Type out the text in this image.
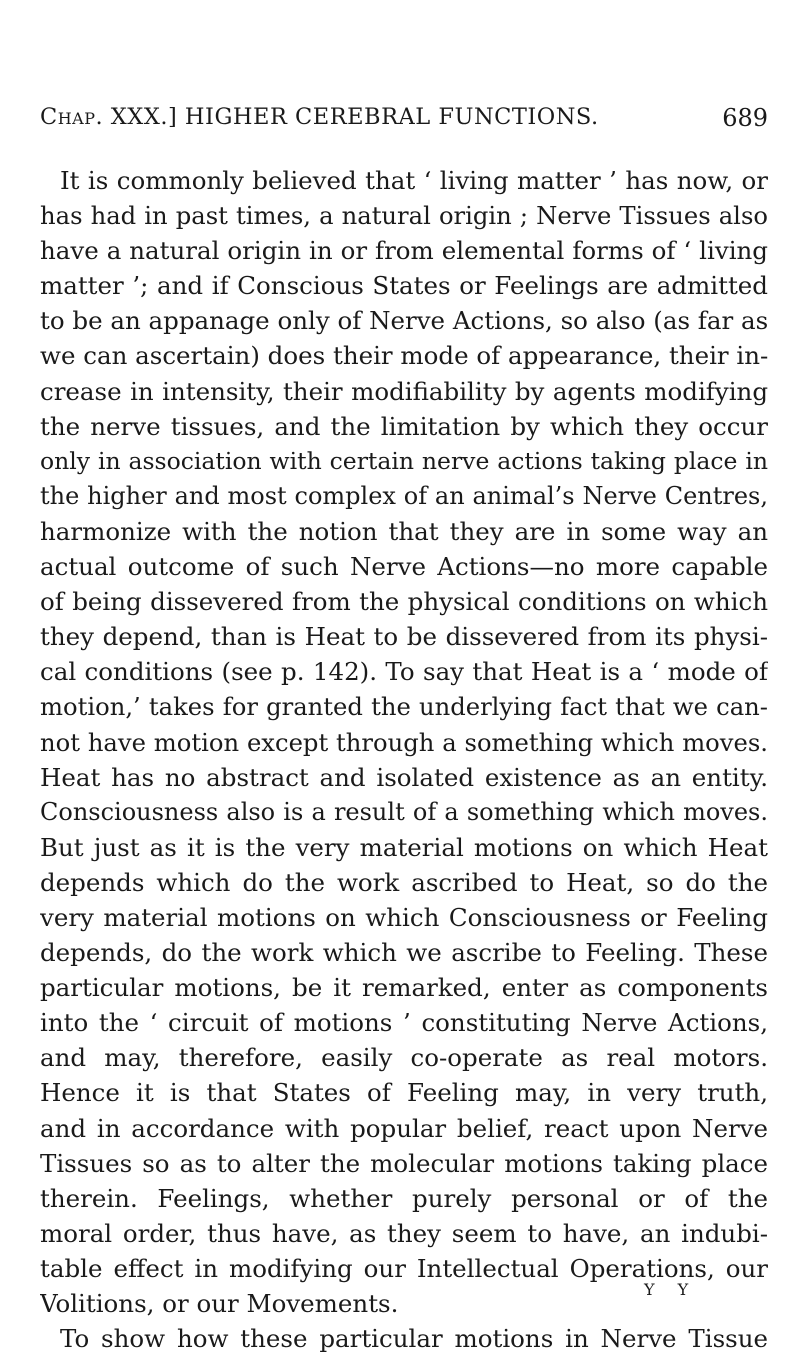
Chap. XXX.] HIGHER CEREBRAL FUNCTIONS.	689
It is commonly believed that ‘ living matter ’ has now, or
has had in past times, a natural origin ; Nerve Tissues also
have a natural origin in or from elemental forms of ‘ living
matter ’; and if Conscious States or Feelings are admitted
to be an appanage only of Nerve Actions, so also (as far as
we can ascertain) does their mode of appearance, their in-
crease in intensity, their modifiability by agents modifying
the nerve tissues, and the limitation by which they occur
only in association with certain nerve actions taking place in
the higher and most complex of an animal’s Nerve Centres,
harmonize with the notion that they are in some way an
actual outcome of such Nerve Actions—no more capable
of being dissevered from the physical conditions on which
they depend, than is Heat to be dissevered from its physi-
cal conditions (see p. 142). To say that Heat is a ‘ mode of
motion,’ takes for granted the underlying fact that we can-
not have motion except through a something which moves.
Heat has no abstract and isolated existence as an entity.
Consciousness also is a result of a something which moves.
But just as it is the very material motions on which Heat
depends which do the work ascribed to Heat, so do the
very material motions on which Consciousness or Feeling
depends, do the work which we ascribe to Feeling. These
particular motions, be it remarked, enter as components
into the ‘ circuit of motions ’ constituting Nerve Actions,
and may, therefore, easily co-operate as real motors.
Hence it is that States of Feeling may, in very truth,
and in accordance with popular belief, react upon Nerve
Tissues so as to alter the molecular motions taking place
therein. Feelings, whether purely personal or of the
moral order, thus have, as they seem to have, an indubi-
table effect in modifying our Intellectual Operations, our
Volitions, or our Movements.
To show how these particular motions in Nerve Tissue
Y Y
